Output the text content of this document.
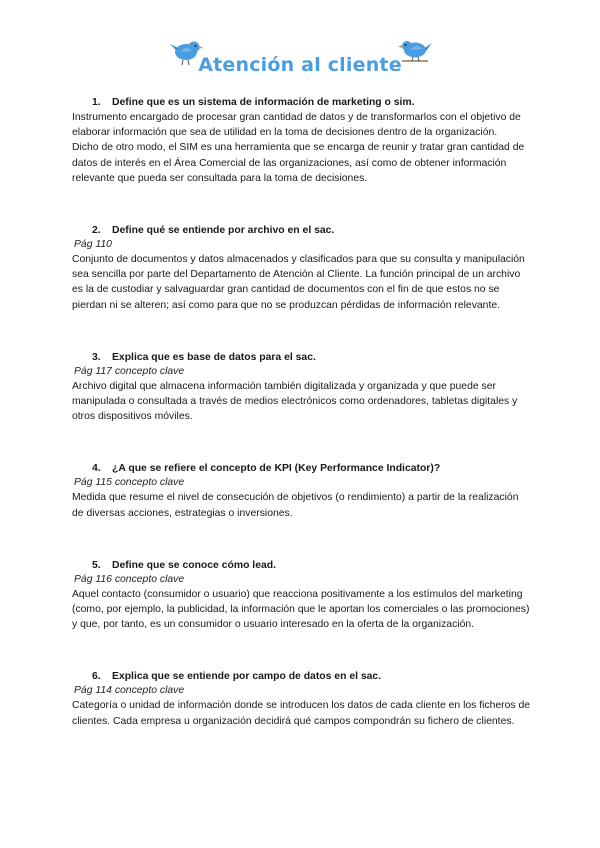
Atención al cliente
1. Define que es un sistema de información de marketing o sim.

Instrumento encargado de procesar gran cantidad de datos y de transformarlos con el objetivo de elaborar información que sea de utilidad en la toma de decisiones dentro de la organización.

Dicho de otro modo, el SIM es una herramienta que se encarga de reunir y tratar gran cantidad de datos de interés en el Área Comercial de las organizaciones, así como de obtener información relevante que pueda ser consultada para la toma de decisiones.

2. Define qué se entiende por archivo en el sac.
Pág 110

Conjunto de documentos y datos almacenados y clasificados para que su consulta y manipulación sea sencilla por parte del Departamento de Atención al Cliente. La función principal de un archivo es la de custodiar y salvaguardar gran cantidad de documentos con el fin de que estos no se pierdan ni se alteren; así como para que no se produzcan pérdidas de información relevante.

3. Explica que es base de datos para el sac.
Pág 117 concepto clave

Archivo digital que almacena información también digitalizada y organizada y que puede ser manipulada o consultada a través de medios electrónicos como ordenadores, tabletas digitales y otros dispositivos móviles.

4. ¿A que se refiere el concepto de KPI (Key Performance Indicator)?
Pág 115 concepto clave

Medida que resume el nivel de consecución de objetivos (o rendimiento) a partir de la realización de diversas acciones, estrategias o inversiones.

5. Define que se conoce cómo lead.
Pág 116 concepto clave

Aquel contacto (consumidor o usuario) que reacciona positivamente a los estímulos del marketing (como, por ejemplo, la publicidad, la información que le aportan los comerciales o las promociones) y que, por tanto, es un consumidor o usuario interesado en la oferta de la organización.

6. Explica que se entiende por campo de datos en el sac.
Pág 114 concepto clave

Categoría o unidad de información donde se introducen los datos de cada cliente en los ficheros de clientes. Cada empresa u organización decidirá qué campos compondrán su fichero de clientes.
